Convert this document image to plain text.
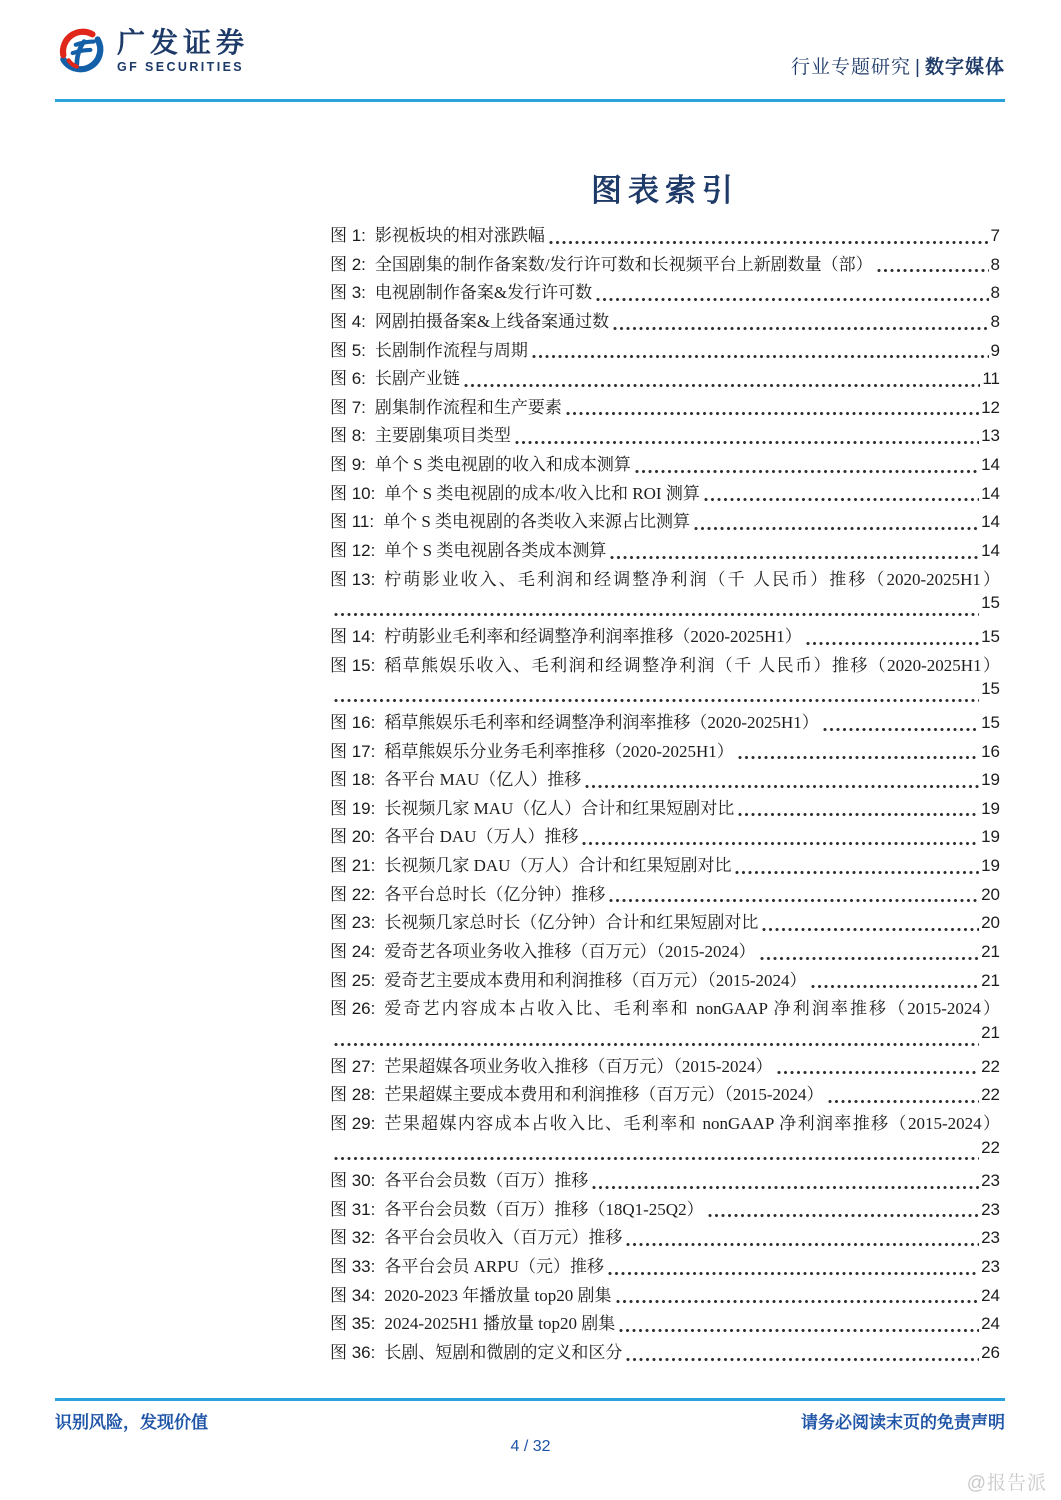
广发证券
GF SECURITIES	行业专题研究 | 数字媒体
图表索引
图 1: 影视板块的相对涨跌幅	7
图 2: 全国剧集的制作备案数/发行许可数和长视频平台上新剧数量（部）	8
图 3: 电视剧制作备案&发行许可数	8
图 4: 网剧拍摄备案&上线备案通过数	8
图 5: 长剧制作流程与周期	9
图 6: 长剧产业链	11
图 7: 剧集制作流程和生产要素	12
图 8: 主要剧集项目类型	13
图 9: 单个 S 类电视剧的收入和成本测算	14
图 10: 单个 S 类电视剧的成本/收入比和 ROI 测算	14
图 11: 单个 S 类电视剧的各类收入来源占比测算	14
图 12: 单个 S 类电视剧各类成本测算	14
图 13: 柠萌影业收入、毛利润和经调整净利润（千 人民币）推移（2020-2025H1）
15
图 14: 柠萌影业毛利率和经调整净利润率推移（2020-2025H1）	15
图 15: 稻草熊娱乐收入、毛利润和经调整净利润（千 人民币）推移（2020-2025H1）
15
图 16: 稻草熊娱乐毛利率和经调整净利润率推移（2020-2025H1）	15
图 17: 稻草熊娱乐分业务毛利率推移（2020-2025H1）	16
图 18: 各平台 MAU（亿人）推移	19
图 19: 长视频几家 MAU（亿人）合计和红果短剧对比	19
图 20: 各平台 DAU（万人）推移	19
图 21: 长视频几家 DAU（万人）合计和红果短剧对比	19
图 22: 各平台总时长（亿分钟）推移	20
图 23: 长视频几家总时长（亿分钟）合计和红果短剧对比	20
图 24: 爱奇艺各项业务收入推移（百万元）（2015-2024）	21
图 25: 爱奇艺主要成本费用和利润推移（百万元）（2015-2024）	21
图 26: 爱奇艺内容成本占收入比、毛利率和 nonGAAP 净利润率推移（2015-2024）
21
图 27: 芒果超媒各项业务收入推移（百万元）（2015-2024）	22
图 28: 芒果超媒主要成本费用和利润推移（百万元）（2015-2024）	22
图 29: 芒果超媒内容成本占收入比、毛利率和 nonGAAP 净利润率推移（2015-2024）
22
图 30: 各平台会员数（百万）推移	23
图 31: 各平台会员数（百万）推移（18Q1-25Q2）	23
图 32: 各平台会员收入（百万元）推移	23
图 33: 各平台会员 ARPU（元）推移	23
图 34: 2020-2023 年播放量 top20 剧集	24
图 35: 2024-2025H1 播放量 top20 剧集	24
图 36: 长剧、短剧和微剧的定义和区分	26
识别风险，发现价值	请务必阅读末页的免责声明
4 / 32
@报告派
